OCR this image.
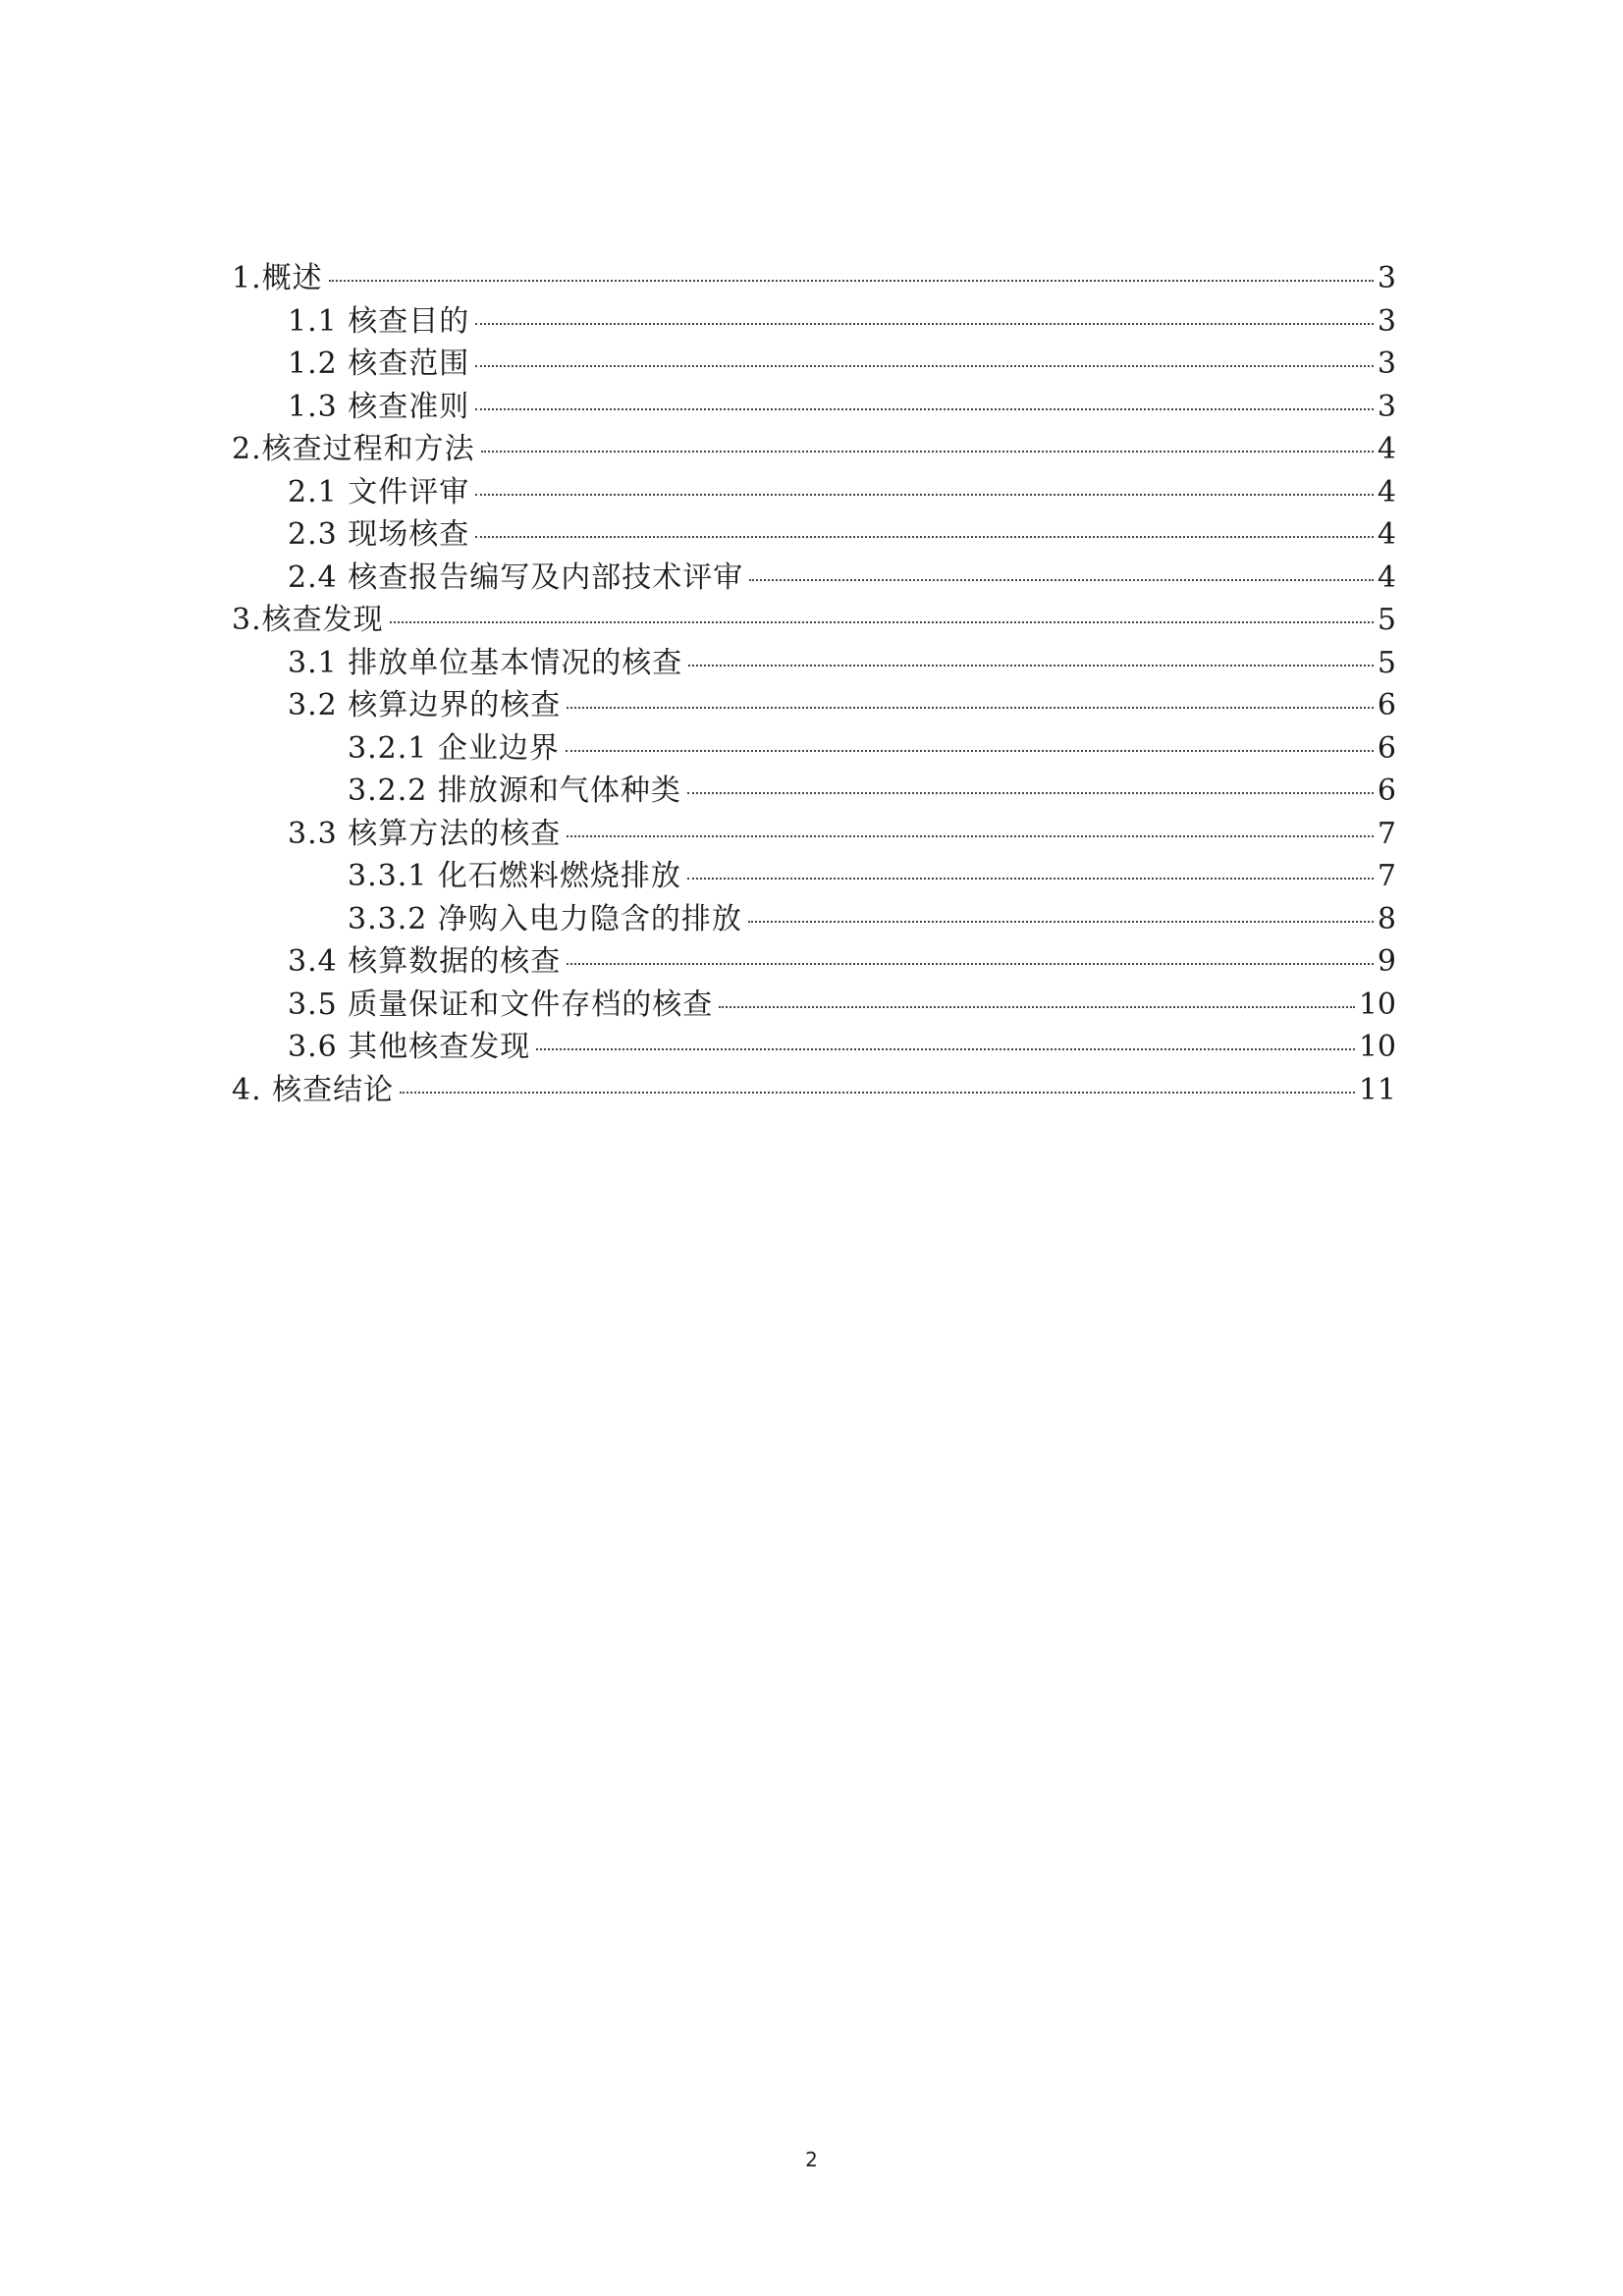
1.概述	3
1.1 核查目的	3
1.2 核查范围	3
1.3 核查准则	3
2.核查过程和方法	4
2.1 文件评审	4
2.3 现场核查	4
2.4 核查报告编写及内部技术评审	4
3.核查发现	5
3.1 排放单位基本情况的核查	5
3.2 核算边界的核查	6
3.2.1 企业边界	6
3.2.2 排放源和气体种类	6
3.3 核算方法的核查	7
3.3.1 化石燃料燃烧排放	7
3.3.2 净购入电力隐含的排放	8
3.4 核算数据的核查	9
3.5 质量保证和文件存档的核查	10
3.6 其他核查发现	10
4. 核查结论	11
2
